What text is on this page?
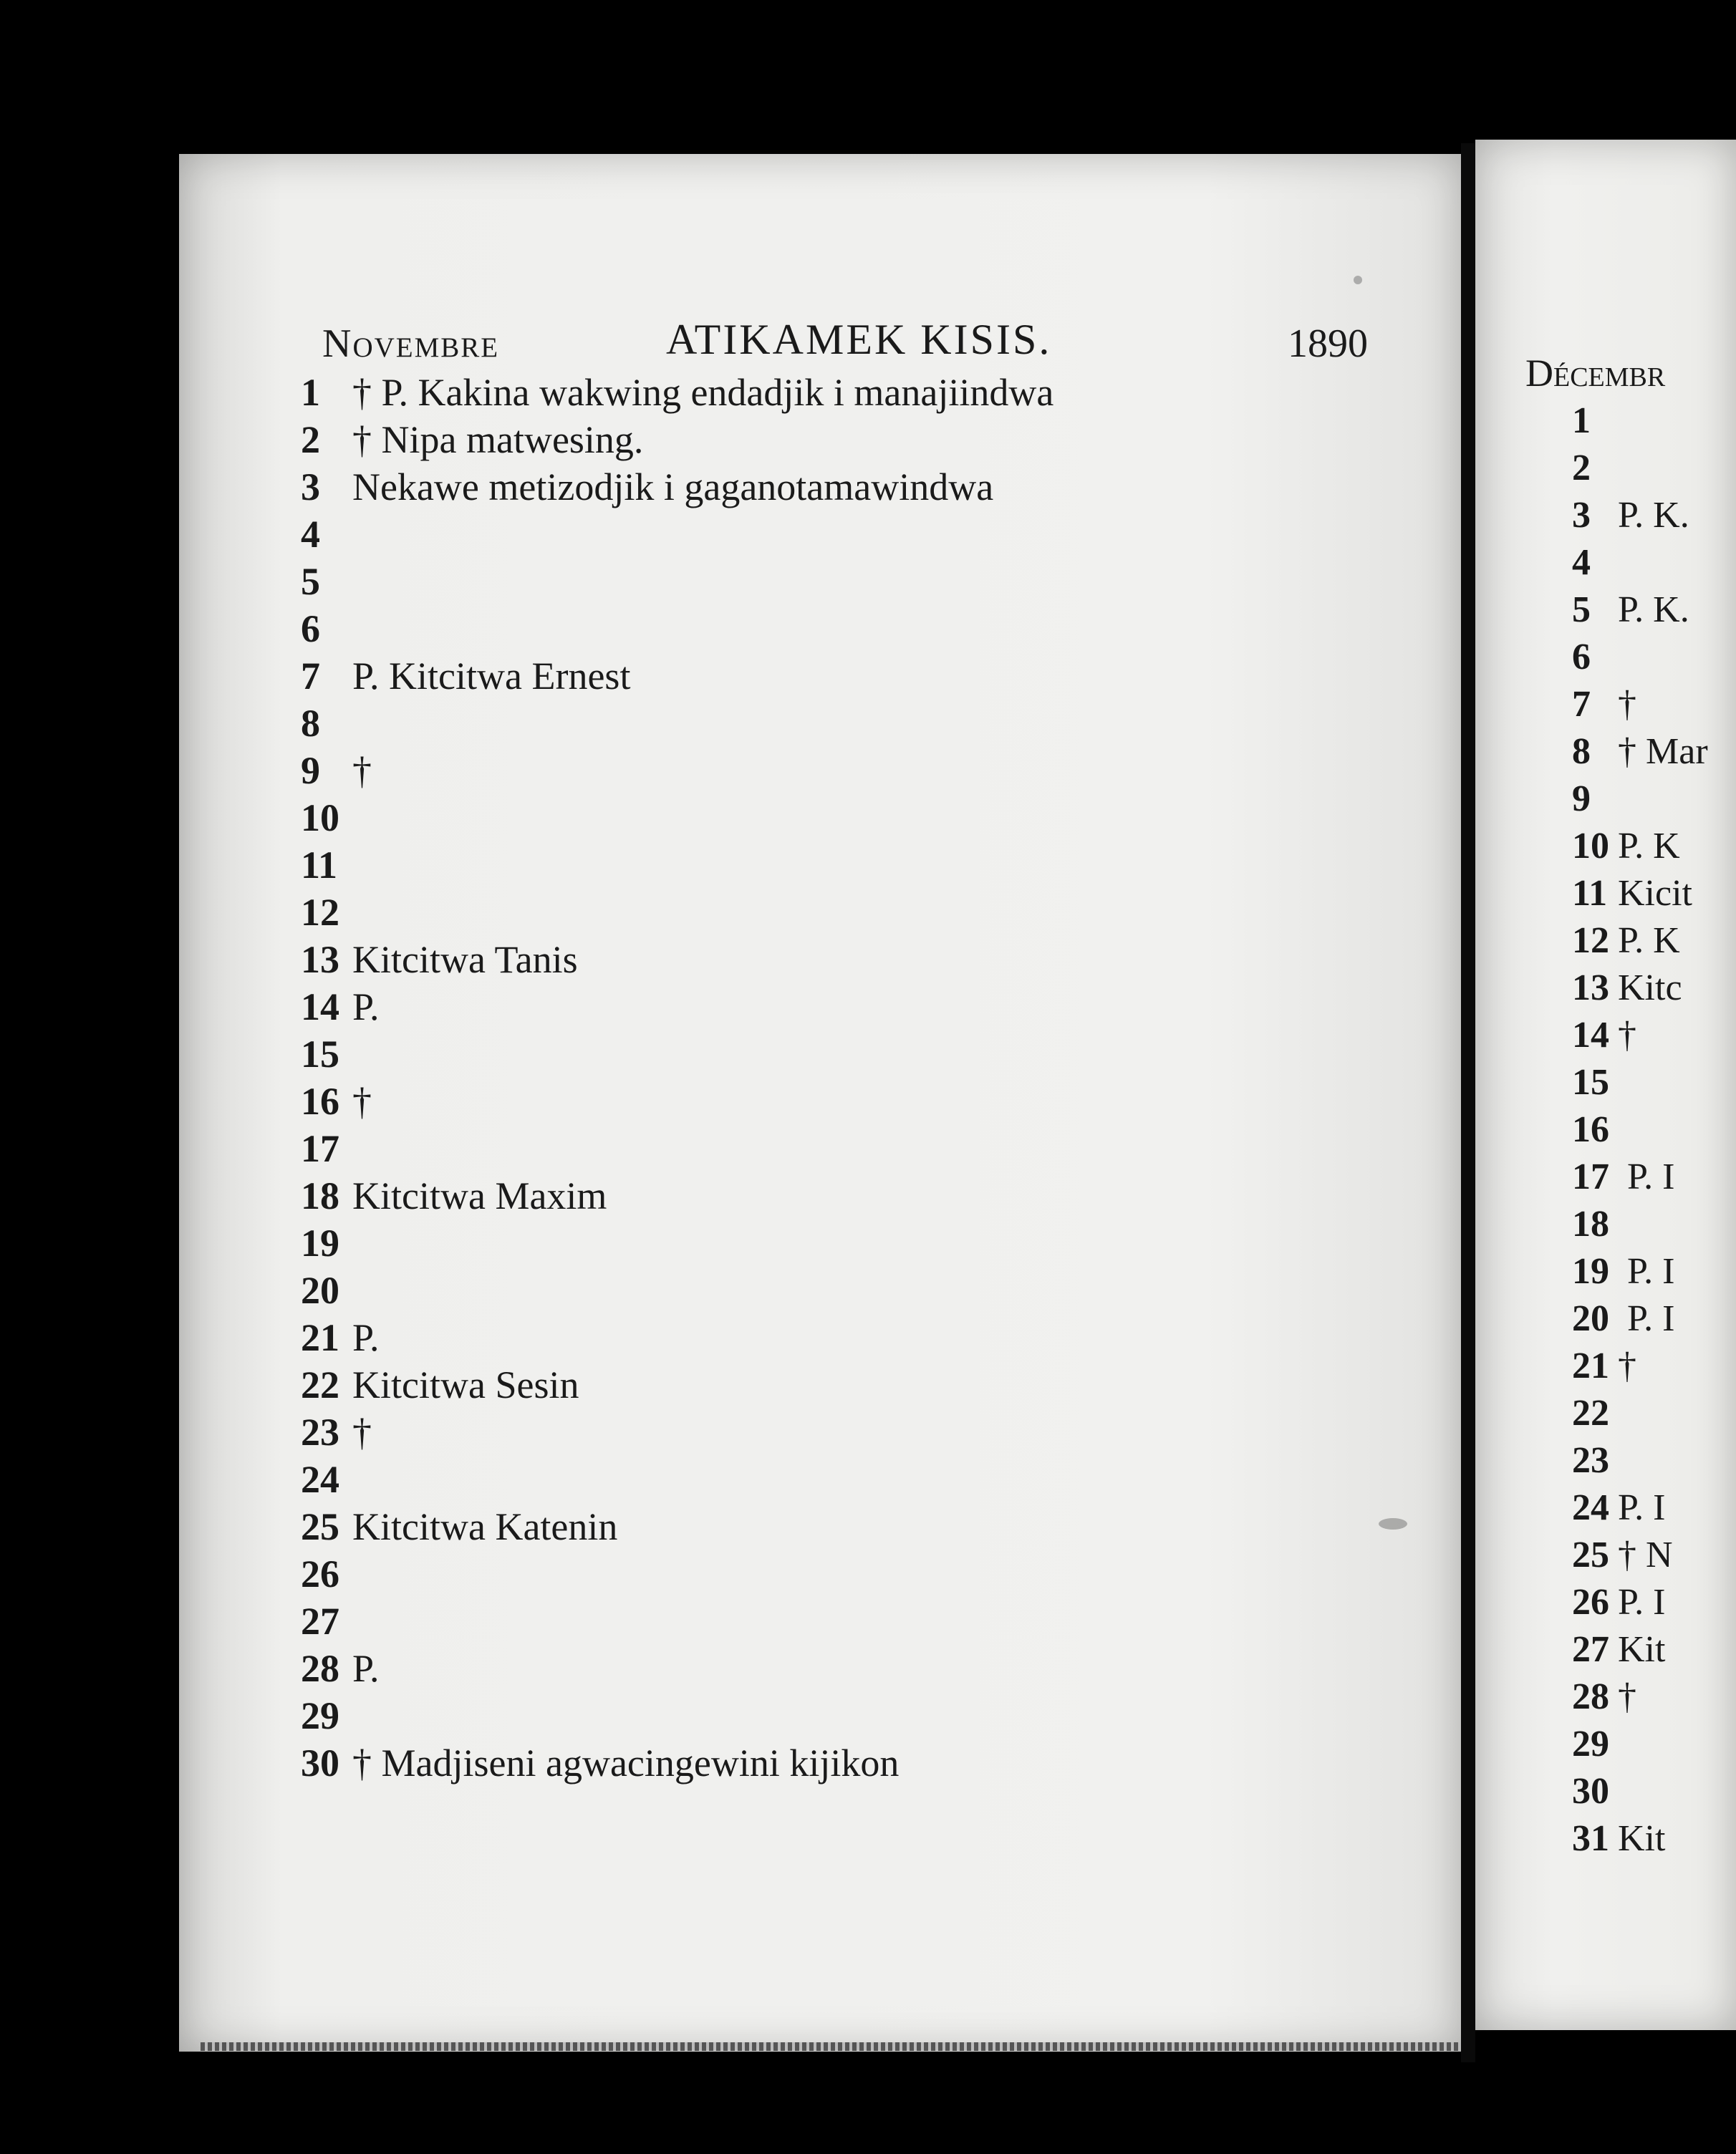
Novembre	ATIKAMEK KISIS.	1890
1 † P. Kakina wakwing endadjik i manajiindwa
2 † Nipa matwesing.
3 Nekawe metizodjik i gaganotamawindwa
4
5
6
7P. Kitcitwa Ernest
8
9 †
10
11
12
13 Kitcitwa Tanis
14 P.
15
16 †
17
18 Kitcitwa Maxim
19
20
21 P.
22 Kitcitwa Sesin
23 †
24
25 Kitcitwa Katenin
26
27
28 P.
29
30 † Madjiseni agwacingewini kijikon
Décembr
1
2
3 P. K.
4
5 P. K.
6
7 †
8 † Mar
9
10 P. K
11 Kicit
12 P. K
13 Kitc
14 †
15
16
17 P. I
18
19 P. I
20 P. I
21 †
22
23
24 P. I
25 † N
26 P. I
27 Kit
28 †
29
30
31 Kit
